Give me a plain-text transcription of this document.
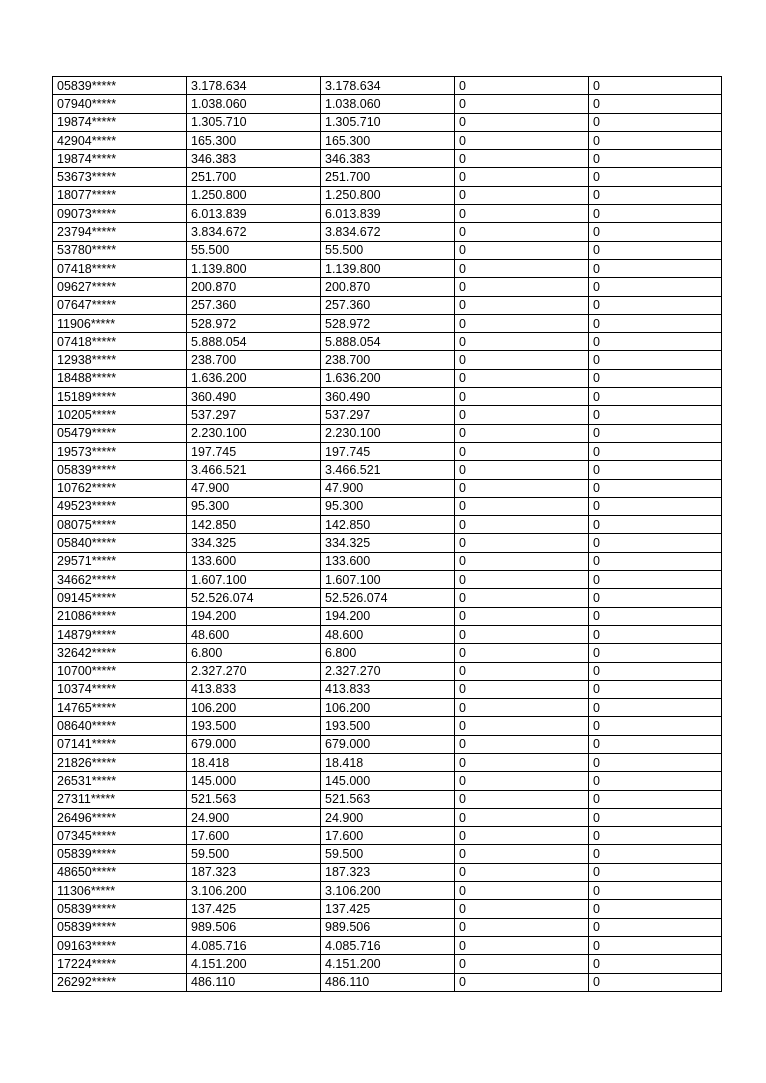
05839*****	3.178.634	3.178.634	0	0
07940*****	1.038.060	1.038.060	0	0
19874*****	1.305.710	1.305.710	0	0
42904*****	165.300	165.300	0	0
19874*****	346.383	346.383	0	0
53673*****	251.700	251.700	0	0
18077*****	1.250.800	1.250.800	0	0
09073*****	6.013.839	6.013.839	0	0
23794*****	3.834.672	3.834.672	0	0
53780*****	55.500	55.500	0	0
07418*****	1.139.800	1.139.800	0	0
09627*****	200.870	200.870	0	0
07647*****	257.360	257.360	0	0
11906*****	528.972	528.972	0	0
07418*****	5.888.054	5.888.054	0	0
12938*****	238.700	238.700	0	0
18488*****	1.636.200	1.636.200	0	0
15189*****	360.490	360.490	0	0
10205*****	537.297	537.297	0	0
05479*****	2.230.100	2.230.100	0	0
19573*****	197.745	197.745	0	0
05839*****	3.466.521	3.466.521	0	0
10762*****	47.900	47.900	0	0
49523*****	95.300	95.300	0	0
08075*****	142.850	142.850	0	0
05840*****	334.325	334.325	0	0
29571*****	133.600	133.600	0	0
34662*****	1.607.100	1.607.100	0	0
09145*****	52.526.074	52.526.074	0	0
21086*****	194.200	194.200	0	0
14879*****	48.600	48.600	0	0
32642*****	6.800	6.800	0	0
10700*****	2.327.270	2.327.270	0	0
10374*****	413.833	413.833	0	0
14765*****	106.200	106.200	0	0
08640*****	193.500	193.500	0	0
07141*****	679.000	679.000	0	0
21826*****	18.418	18.418	0	0
26531*****	145.000	145.000	0	0
27311*****	521.563	521.563	0	0
26496*****	24.900	24.900	0	0
07345*****	17.600	17.600	0	0
05839*****	59.500	59.500	0	0
48650*****	187.323	187.323	0	0
11306*****	3.106.200	3.106.200	0	0
05839*****	137.425	137.425	0	0
05839*****	989.506	989.506	0	0
09163*****	4.085.716	4.085.716	0	0
17224*****	4.151.200	4.151.200	0	0
26292*****	486.110	486.110	0	0
